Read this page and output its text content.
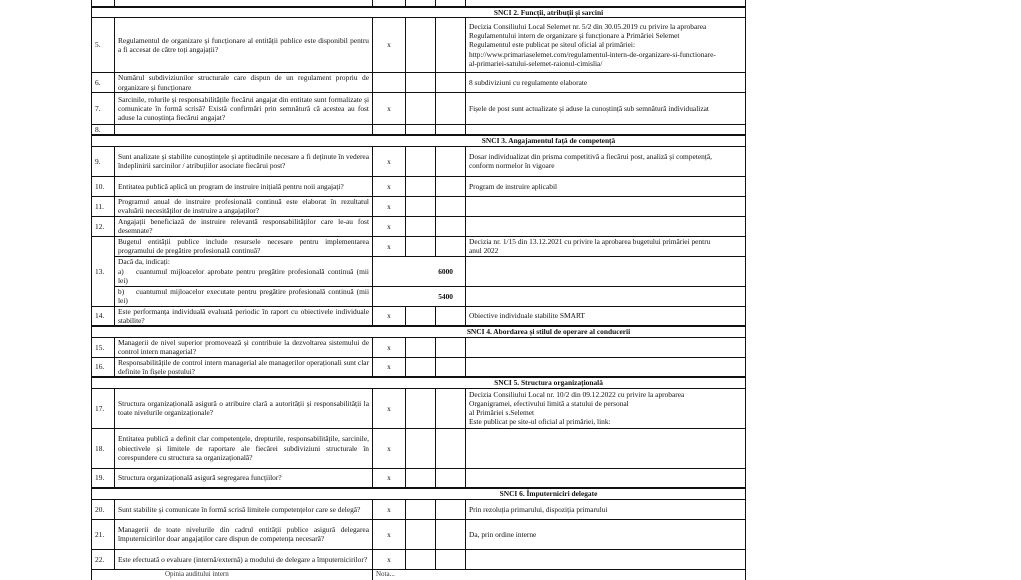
SNCI 2. Funcții, atribuții și sarcini					
5.	Regulamentul de organizare și funcționare al entității publice este disponibil pentru a fi accesat de către toți angajații?	x			Decizia Consiliului Local Selemet nr. 5/2 din 30.05.2019 cu privire la aprobarea
Regulamentului intern de organizare și funcționare a Primăriei Selemet
Regulamentul este publicat pe siteul oficial al primăriei:
http://www.primariaselemet.com/regulamentul-intern-de-organizare-si-functionare-
al-primariei-satului-selemet-raionul-cimislia/
6.	Numărul subdiviziunilor structurale care dispun de un regulament propriu de organizare și funcționare				8 subdiviziuni cu regulamente elaborate
7.	Sarcinile, rolurile și responsabilitățile fiecărui angajat din entitate sunt formalizate și comunicate în formă scrisă? Există confirmări prin semnătură că acestea au fost aduse la cunoștința fiecărui angajat?	x			Fișele de post sunt actualizate și aduse la cunoștință sub semnătură individualizat
8.					
SNCI 3. Angajamentul față de competență					
9.	Sunt analizate și stabilite cunoștințele și aptitudinile necesare a fi deținute în vederea îndeplinirii sarcinilor / atribuțiilor asociate fiecărui post?	x			Dosar individualizat din prisma competitivă a fiecărui post, analiză și competență,
conform normelor în vigoare
10.	Entitatea publică aplică un program de instruire inițială pentru noii angajați?	x			Program de instruire aplicabil
11.	Programul anual de instruire profesională continuă este elaborat în rezultatul evaluării necesităților de instruire a angajaților?	x			
12.	Angajații beneficiază de instruire relevantă responsabilităților care le-au fost desemnate?	x			
13.	Bugetul entității publice include resursele necesare pentru implementarea programului de pregătire profesională continuă?	x			Decizia nr. 1/15 din 13.12.2021 cu privire la aprobarea bugetului primăriei pentru
anul 2022

	Dacă da, indicați:
a) cuantumul mijloacelor aprobate pentru pregătire profesională continuă (mii lei)	6000			

	b) cuantumul mijloacelor executate pentru pregătire profesională continuă (mii lei)	5400			
14.	Este performanța individuală evaluată periodic în raport cu obiectivele individuale stabilite?	x			Obiective individuale stabilite SMART
SNCI 4. Abordarea și stilul de operare al conducerii					
15.	Managerii de nivel superior promovează și contribuie la dezvoltarea sistemului de control intern managerial?	x			
16.	Responsabilitățile de control intern managerial ale managerilor operaționali sunt clar definite în fișele postului?	x			
SNCI 5. Structura organizațională					
17.	Structura organizațională asigură o atribuire clară a autorității și responsabilității la toate nivelurile organizaționale?	x			Decizia Consiliului Local nr. 10/2 din 09.12.2022 cu privire la aprobarea
Organigramei, efectivului limită a statului de personal
al Primăriei s.Selemet
Este publicat pe site-ul oficial al primăriei, link:
18.	Entitatea publică a definit clar competențele, drepturile, responsabilitățile, sarcinile, obiectivele și limitele de raportare ale fiecărei subdiviziuni structurale în corespundere cu structura sa organizațională?	x			
19.	Structura organizațională asigură segregarea funcțiilor?	x			
SNCI 6. Împuterniciri delegate					
20.	Sunt stabilite și comunicate în formă scrisă limitele competențelor care se delegă?	x			Prin rezoluția primarului, dispoziția primarului
21.	Managerii de toate nivelurile din cadrul entității publice asigură delegarea împuternicirilor doar angajaților care dispun de competența necesară?	x			Da, prin ordine interne
22.	Este efectuată o evaluare (internă/externă) a modului de delegare a împuternicirilor?	x			
Opinia auditului intern		Nota...			
